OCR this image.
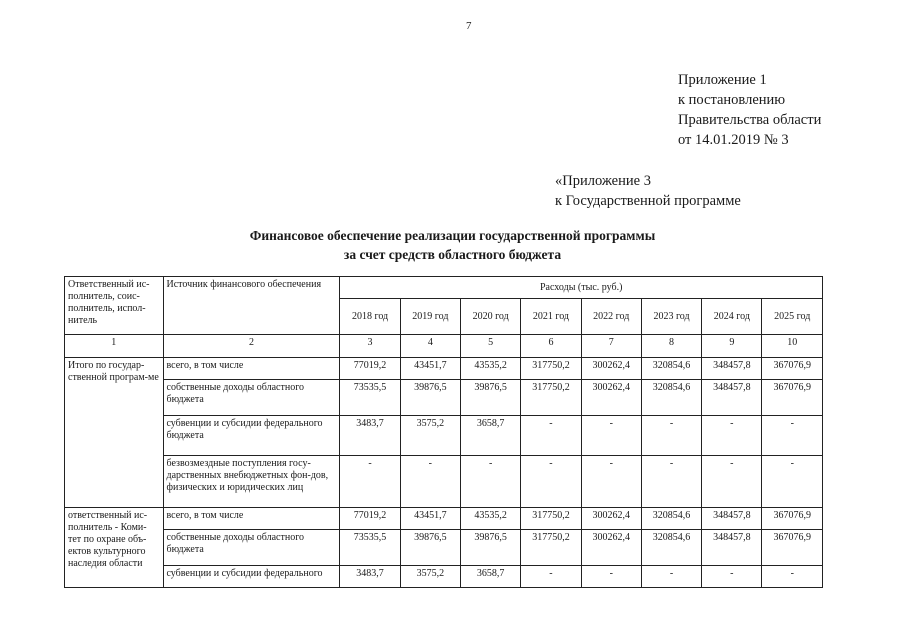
7
Приложение 1
к постановлению
Правительства области
от 14.01.2019 № 3
«Приложение 3
к Государственной программе
Финансовое обеспечение реализации государственной программы
за счет средств областного бюджета
Ответственный ис-полнитель, соис-полнитель, испол-нитель	Источник финансового обеспечения	Расходы (тыс. руб.)							
		2018 год	2019 год	2020 год	2021 год	2022 год	2023 год	2024 год	2025 год
1	2	3	4	5	6	7	8	9	10
Итого по государ-ственной програм-ме	всего, в том числе	77019,2	43451,7	43535,2	317750,2	300262,4	320854,6	348457,8	367076,9
	собственные доходы областного бюджета	73535,5	39876,5	39876,5	317750,2	300262,4	320854,6	348457,8	367076,9
	субвенции и субсидии федерального бюджета	3483,7	3575,2	3658,7	-	-	-	-	-
	безвозмездные поступления госу-дарственных внебюджетных фон-дов, физических и юридических лиц	-	-	-	-	-	-	-	-
ответственный ис-полнитель - Коми-тет по охране объ-ектов культурного наследия области	всего, в том числе	77019,2	43451,7	43535,2	317750,2	300262,4	320854,6	348457,8	367076,9
	собственные доходы областного бюджета	73535,5	39876,5	39876,5	317750,2	300262,4	320854,6	348457,8	367076,9
	субвенции и субсидии федерального	3483,7	3575,2	3658,7	-	-	-	-	-
